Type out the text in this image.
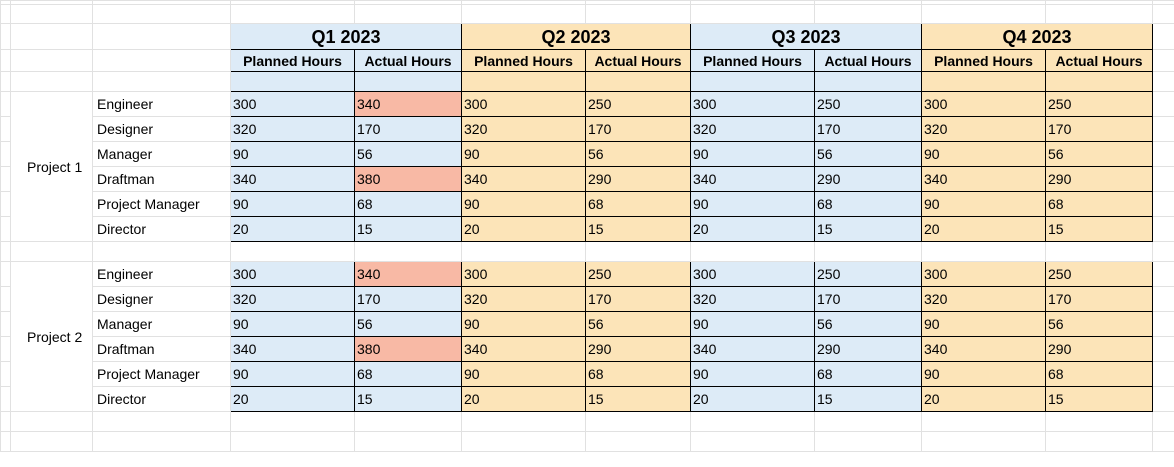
			Q1 2023		Q2 2023		Q3 2023		Q4 2023		
			Planned Hours	Actual Hours	Planned Hours	Actual Hours	Planned Hours	Actual Hours	Planned Hours	Actual Hours	

	Project 1	Engineer	300	340	300	250	300	250	300	250	
		Designer	320	170	320	170	320	170	320	170	
		Manager	90	56	90	56	90	56	90	56	
		Draftman	340	380	340	290	340	290	340	290	
		Project Manager	90	68	90	68	90	68	90	68	
		Director	20	15	20	15	20	15	20	15	

	Project 2	Engineer	300	340	300	250	300	250	300	250	
		Designer	320	170	320	170	320	170	320	170	
		Manager	90	56	90	56	90	56	90	56	
		Draftman	340	380	340	290	340	290	340	290	
		Project Manager	90	68	90	68	90	68	90	68	
		Director	20	15	20	15	20	15	20	15	
